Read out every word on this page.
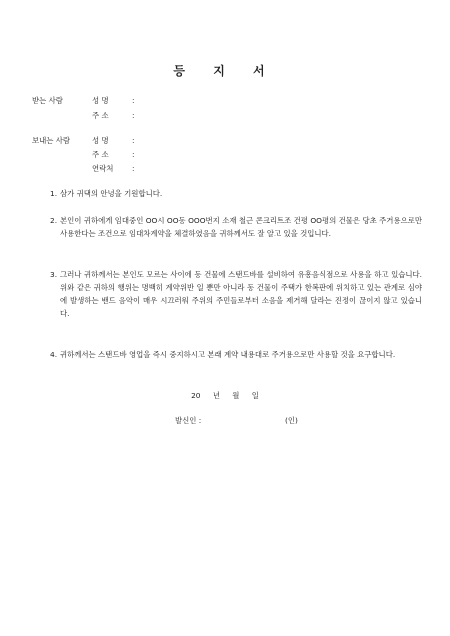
등 지 서
받는 사람	성 명	:
주 소	:
보내는 사람	성 명	:
주 소	:
연락처	:
1. 삼가 귀댁의 안녕을 기원합니다.
2. 본인이 귀하에게 임대중인 OO시 OO동 OOO번지 소재 철근 콘크리트조 건평 OO평의 건물은 당초 주거용으로만 사용한다는 조건으로 임대차계약을 체결하였음을 귀하께서도 잘 알고 있을 것입니다.
3. 그러나 귀하께서는 본인도 모르는 사이에 동 건물에 스탠드바를 설비하여 유흥음식점으로 사용을 하고 있습니다. 위와 같은 귀하의 행위는 명백히 계약위반 일 뿐만 아니라 동 건물이 주택가 한복판에 위치하고 있는 관계로 심야에 발생하는 밴드 음악이 매우 시끄러워 주위의 주민들로부터 소음을 제거해 달라는 진정이 끊이지 않고 있습니다.
4. 귀하께서는 스탠드바 영업을 즉시 중지하시고 본래 계약 내용대로 주거용으로만 사용할 것을 요구합니다.
20 년 월 일
발신인 :	(인)
